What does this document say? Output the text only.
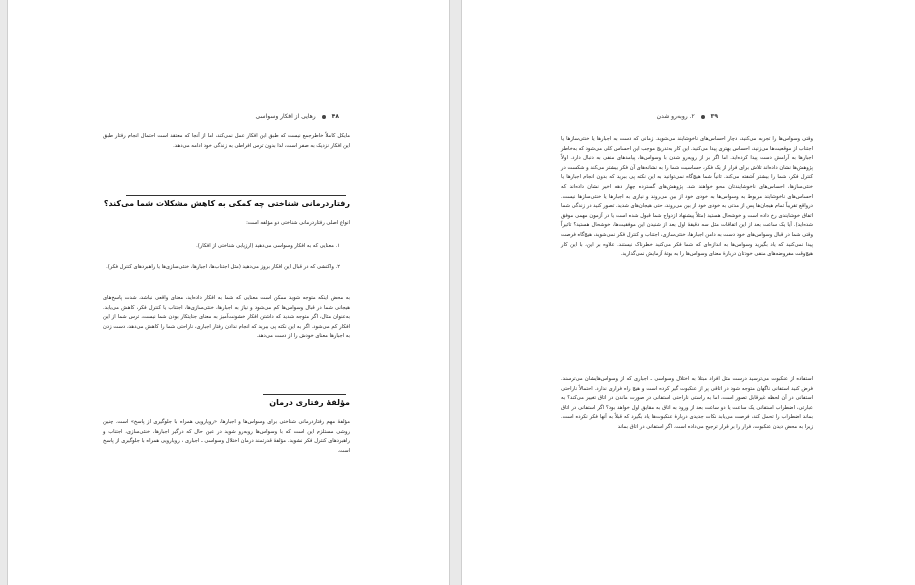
۴۸
رهایی از افکار وسواسی
مایکل کاملاً خاطرجمع نیست که طبق این افکار عمل نمی‌کند، اما از آنجا که معتقد است احتمال انجام رفتار طبق این افکار نزدیک به صفر است، لذا بدون ترس افراطی به زندگی خود ادامه می‌دهد.
رفتاردرمانی شناختی چه کمکی به کاهش مشکلات شما می‌کند؟
انواع اصلی رفتاردرمانی شناختی دو مؤلفه است:
۱. معنایی که به افکار وسواسی می‌دهید (ارزیابی شناختی از افکار).
۲. واکنشی که در قبال این افکار بروز می‌دهید (مثل اجتناب‌ها، اجبارها، خنثی‌سازی‌ها یا راهبردهای کنترل فکر).
به محض اینکه متوجه شوید ممکن است معنایی که شما به افکار داده‌اید، معنای واقعی نباشد، شدت پاسخ‌های هیجانی شما در قبال وسواس‌ها کم می‌شود و نیاز به اجبارها، خنثی‌سازی‌ها، اجتناب یا کنترل فکر، کاهش می‌یابد. به‌عنوان مثال، اگر متوجه شدید که داشتن افکار خشونت‌آمیز به معنای جنایتکار بودن شما نیست، ترس شما از این افکار کم می‌شود. اگر به این نکته پی ببرید که انجام ندادن رفتار اجباری، ناراحتی شما را کاهش می‌دهد، دست زدن به اجبارها معنای خودش را از دست می‌دهد.
مؤلفهٔ رفتاری درمان
مؤلفهٔ مهم رفتاردرمانی شناختی برای وسواس‌ها و اجبارها، «رویارویی همراه با جلوگیری از پاسخ» است. چنین روشی مستلزم این است که با وسواس‌ها روبه‌رو شوید در عین حال که درگیر اجبارها، خنثی‌سازی، اجتناب و راهبردهای کنترل فکر نشوید. مؤلفهٔ قدرتمند درمان اختلال وسواسی ـ اجباری ، رویارویی همراه با جلوگیری از پاسخ است.
۳۹
۲. روبه‌رو شدن
وقتی وسواس‌ها را تجربه می‌کنید، دچار احساس‌های ناخوشایند می‌شوید. زمانی که دست به اجبارها یا خنثی‌سازها یا اجتناب از موقعیت‌ها می‌زنید، احساس بهتری پیدا می‌کنید. این کار به‌تدریج موجب این احساس کلی می‌شود که به‌خاطر اجبارها به آرامش دست پیدا کرده‌اید. اما اگر بر از رویه‌رو شدن با وسواس‌ها، پیامدهای منفی به دنبال دارد. اولاً پژوهش‌ها نشان داده‌اند تلاش برای فرار از یک فکر، حساسیت شما را به نشانه‌های آن فکر بیشتر می‌کند و شکست در کنترل فکر، شما را بیشتر آشفته می‌کند. ثانیاً شما هیچ‌گاه نمی‌توانید به این نکته پی ببرید که بدون انجام اجبارها یا خنثی‌سازها، احساس‌های ناخوشایندتان محو خواهند شد. پژوهش‌های گسترده چهار دهه اخیر نشان داده‌اند که احساس‌های ناخوشایند مربوط به وسواس‌ها به خودی خود از بین می‌روند و نیازی به اجبارها یا خنثی‌سازها نیست. درواقع تقریباً تمام هیجان‌ها پس از مدتی به خودی خود از بین می‌روند، حتی هیجان‌های شدید. تصور کنید در زندگی شما اتفاق خوشایندی رخ داده است و خوشحال هستید (مثلاً پیشنهاد ازدواج شما قبول شده است یا در آزمون مهمی موفق شده‌اید). آیا یک ساعت بعد از این اتفاقات مثل سه دقیقهٔ اول بعد از شنیدن این موفقیت‌ها، خوشحال هستید؟ تاثیراً وقتی شما در قبال وسواس‌های خود دست به دامن اجبارها، خنثی‌سازی، اجتناب و کنترل فکر نمی‌شوید، هیچ‌گاه فرصت پیدا نمی‌کنید که یاد بگیرید وسواس‌ها به اندازه‌ای که شما فکر می‌کنید خطرناک نیستند. علاوه بر این، با این کار هیچ‌وقت مفروضه‌های منفی خودتان دربارهٔ معنای وسواس‌ها را به بوتهٔ آزمایش نمی‌گذارید.
استفاده از عنکبوت می‌ترسید درست مثل افراد مبتلا به اختلال وسواسی ـ اجباری که از وسواس‌هایشان می‌ترسند. فرض کنید استفانی ناگهان متوجه شود در اتاقی پر از عنکبوت گیر کرده است و هیچ راه فراری ندارد. احتمالاً ناراحتی استفانی در آن لحظه غیرقابل تصور است، اما به راستی ناراحتی استفانی در صورت ماندن در اتاق تغییر می‌کند؟ به عبارتی، اضطراب استفانی یک ساعت یا دو ساعت بعد از ورود به اتاق به مقایق اول خواهد بود؟ اگر استفانی در اتاق بماند اضطراب را تحمل کند، فرصت می‌یابد نکات جدیدی دربارهٔ عنکبوت‌ها یاد بگیرد که قبلاً به آنها فکر نکرده است. زیرا به محض دیدن عنکبوت، فرار را بر قرار ترجیح می‌داده است. اگر استفانی در اتاق بماند
